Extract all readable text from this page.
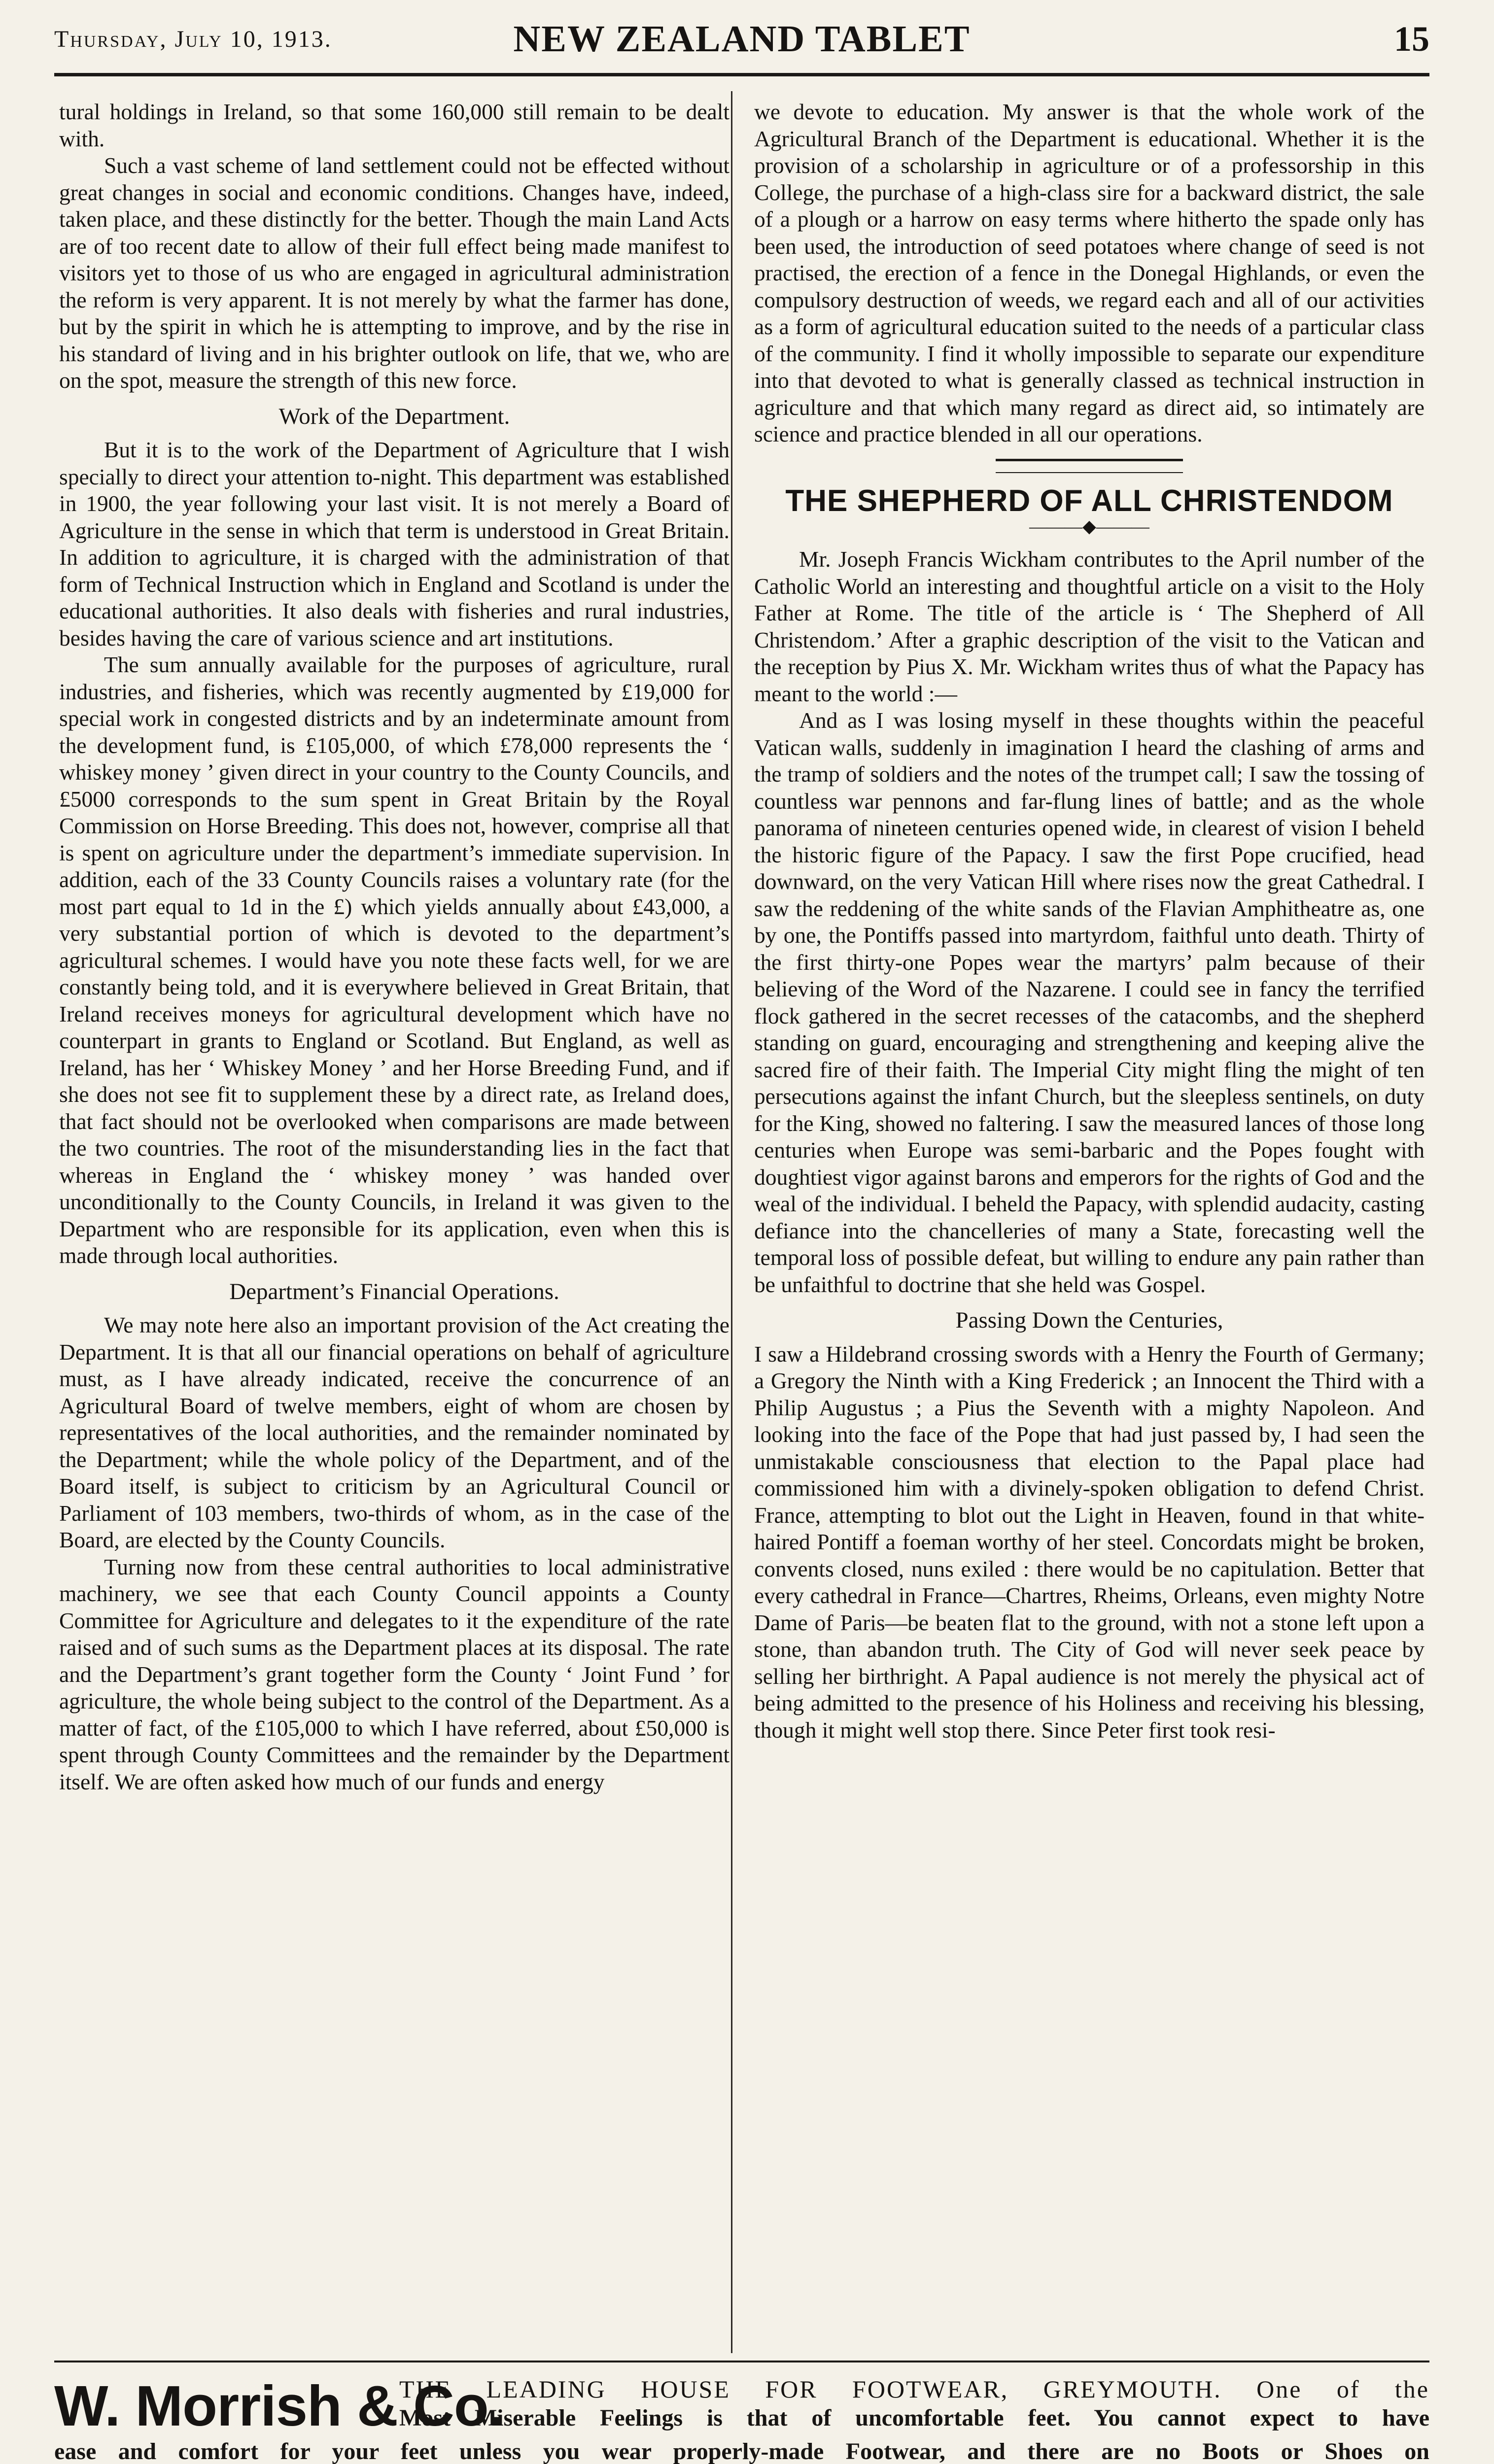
Thursday, July 10, 1913.	NEW ZEALAND TABLET	15

tural holdings in Ireland, so that some 160,000 still remain to be dealt with.

Such a vast scheme of land settlement could not be effected without great changes in social and economic conditions. Changes have, indeed, taken place, and these distinctly for the better. Though the main Land Acts are of too recent date to allow of their full effect being made manifest to visitors yet to those of us who are engaged in agricultural administration the reform is very apparent. It is not merely by what the farmer has done, but by the spirit in which he is attempting to improve, and by the rise in his standard of living and in his brighter outlook on life, that we, who are on the spot, measure the strength of this new force.

Work of the Department.

But it is to the work of the Department of Agriculture that I wish specially to direct your attention to-night. This department was established in 1900, the year following your last visit. It is not merely a Board of Agriculture in the sense in which that term is understood in Great Britain. In addition to agriculture, it is charged with the administration of that form of Technical Instruction which in England and Scotland is under the educational authorities. It also deals with fisheries and rural industries, besides having the care of various science and art institutions.

The sum annually available for the purposes of agriculture, rural industries, and fisheries, which was recently augmented by £19,000 for special work in congested districts and by an indeterminate amount from the development fund, is £105,000, of which £78,000 represents the ‘ whiskey money ’ given direct in your country to the County Councils, and £5000 corresponds to the sum spent in Great Britain by the Royal Commission on Horse Breeding. This does not, however, comprise all that is spent on agriculture under the department’s immediate supervision. In addition, each of the 33 County Councils raises a voluntary rate (for the most part equal to 1d in the £) which yields annually about £43,000, a very substantial portion of which is devoted to the department’s agricultural schemes. I would have you note these facts well, for we are constantly being told, and it is everywhere believed in Great Britain, that Ireland receives moneys for agricultural development which have no counterpart in grants to England or Scotland. But England, as well as Ireland, has her ‘ Whiskey Money ’ and her Horse Breeding Fund, and if she does not see fit to supplement these by a direct rate, as Ireland does, that fact should not be overlooked when comparisons are made between the two countries. The root of the misunderstanding lies in the fact that whereas in England the ‘ whiskey money ’ was handed over unconditionally to the County Councils, in Ireland it was given to the Department who are responsible for its application, even when this is made through local authorities.

Department’s Financial Operations.

We may note here also an important provision of the Act creating the Department. It is that all our financial operations on behalf of agriculture must, as I have already indicated, receive the concurrence of an Agricultural Board of twelve members, eight of whom are chosen by representatives of the local authorities, and the remainder nominated by the Department; while the whole policy of the Department, and of the Board itself, is subject to criticism by an Agricultural Council or Parliament of 103 members, two-thirds of whom, as in the case of the Board, are elected by the County Councils.

Turning now from these central authorities to local administrative machinery, we see that each County Council appoints a County Committee for Agriculture and delegates to it the expenditure of the rate raised and of such sums as the Department places at its disposal. The rate and the Department’s grant together form the County ‘ Joint Fund ’ for agriculture, the whole being subject to the control of the Department. As a matter of fact, of the £105,000 to which I have referred, about £50,000 is spent through County Committees and the remainder by the Department itself. We are often asked how much of our funds and energy

we devote to education. My answer is that the whole work of the Agricultural Branch of the Department is educational. Whether it is the provision of a scholarship in agriculture or of a professorship in this College, the purchase of a high-class sire for a backward district, the sale of a plough or a harrow on easy terms where hitherto the spade only has been used, the introduction of seed potatoes where change of seed is not practised, the erection of a fence in the Donegal Highlands, or even the compulsory destruction of weeds, we regard each and all of our activities as a form of agricultural education suited to the needs of a particular class of the community. I find it wholly impossible to separate our expenditure into that devoted to what is generally classed as technical instruction in agriculture and that which many regard as direct aid, so intimately are science and practice blended in all our operations.

THE SHEPHERD OF ALL CHRISTENDOM
———◆———

Mr. Joseph Francis Wickham contributes to the April number of the Catholic World an interesting and thoughtful article on a visit to the Holy Father at Rome. The title of the article is ‘ The Shepherd of All Christendom.’ After a graphic description of the visit to the Vatican and the reception by Pius X. Mr. Wickham writes thus of what the Papacy has meant to the world :—

And as I was losing myself in these thoughts within the peaceful Vatican walls, suddenly in imagination I heard the clashing of arms and the tramp of soldiers and the notes of the trumpet call; I saw the tossing of countless war pennons and far-flung lines of battle; and as the whole panorama of nineteen centuries opened wide, in clearest of vision I beheld the historic figure of the Papacy. I saw the first Pope crucified, head downward, on the very Vatican Hill where rises now the great Cathedral. I saw the reddening of the white sands of the Flavian Amphitheatre as, one by one, the Pontiffs passed into martyrdom, faithful unto death. Thirty of the first thirty-one Popes wear the martyrs’ palm because of their believing of the Word of the Nazarene. I could see in fancy the terrified flock gathered in the secret recesses of the catacombs, and the shepherd standing on guard, encouraging and strengthening and keeping alive the sacred fire of their faith. The Imperial City might fling the might of ten persecutions against the infant Church, but the sleepless sentinels, on duty for the King, showed no faltering. I saw the measured lances of those long centuries when Europe was semi-barbaric and the Popes fought with doughtiest vigor against barons and emperors for the rights of God and the weal of the individual. I beheld the Papacy, with splendid audacity, casting defiance into the chancelleries of many a State, forecasting well the temporal loss of possible defeat, but willing to endure any pain rather than be unfaithful to doctrine that she held was Gospel.

Passing Down the Centuries,

I saw a Hildebrand crossing swords with a Henry the Fourth of Germany; a Gregory the Ninth with a King Frederick ; an Innocent the Third with a Philip Augustus ; a Pius the Seventh with a mighty Napoleon. And looking into the face of the Pope that had just passed by, I had seen the unmistakable consciousness that election to the Papal place had commissioned him with a divinely-spoken obligation to defend Christ. France, attempting to blot out the Light in Heaven, found in that white-haired Pontiff a foeman worthy of her steel. Concordats might be broken, convents closed, nuns exiled : there would be no capitulation. Better that every cathedral in France—Chartres, Rheims, Orleans, even mighty Notre Dame of Paris—be beaten flat to the ground, with not a stone left upon a stone, than abandon truth. The City of God will never seek peace by selling her birthright. A Papal audience is not merely the physical act of being admitted to the presence of his Holiness and receiving his blessing, though it might well stop there. Since Peter first took resi-

W. Morrish & Co.
THE LEADING HOUSE FOR FOOTWEAR, GREYMOUTH. One of the
Most Miserable Feelings is that of uncomfortable feet. You cannot expect to have
ease and comfort for your feet unless you wear properly-made Footwear, and there are no Boots or Shoes on
